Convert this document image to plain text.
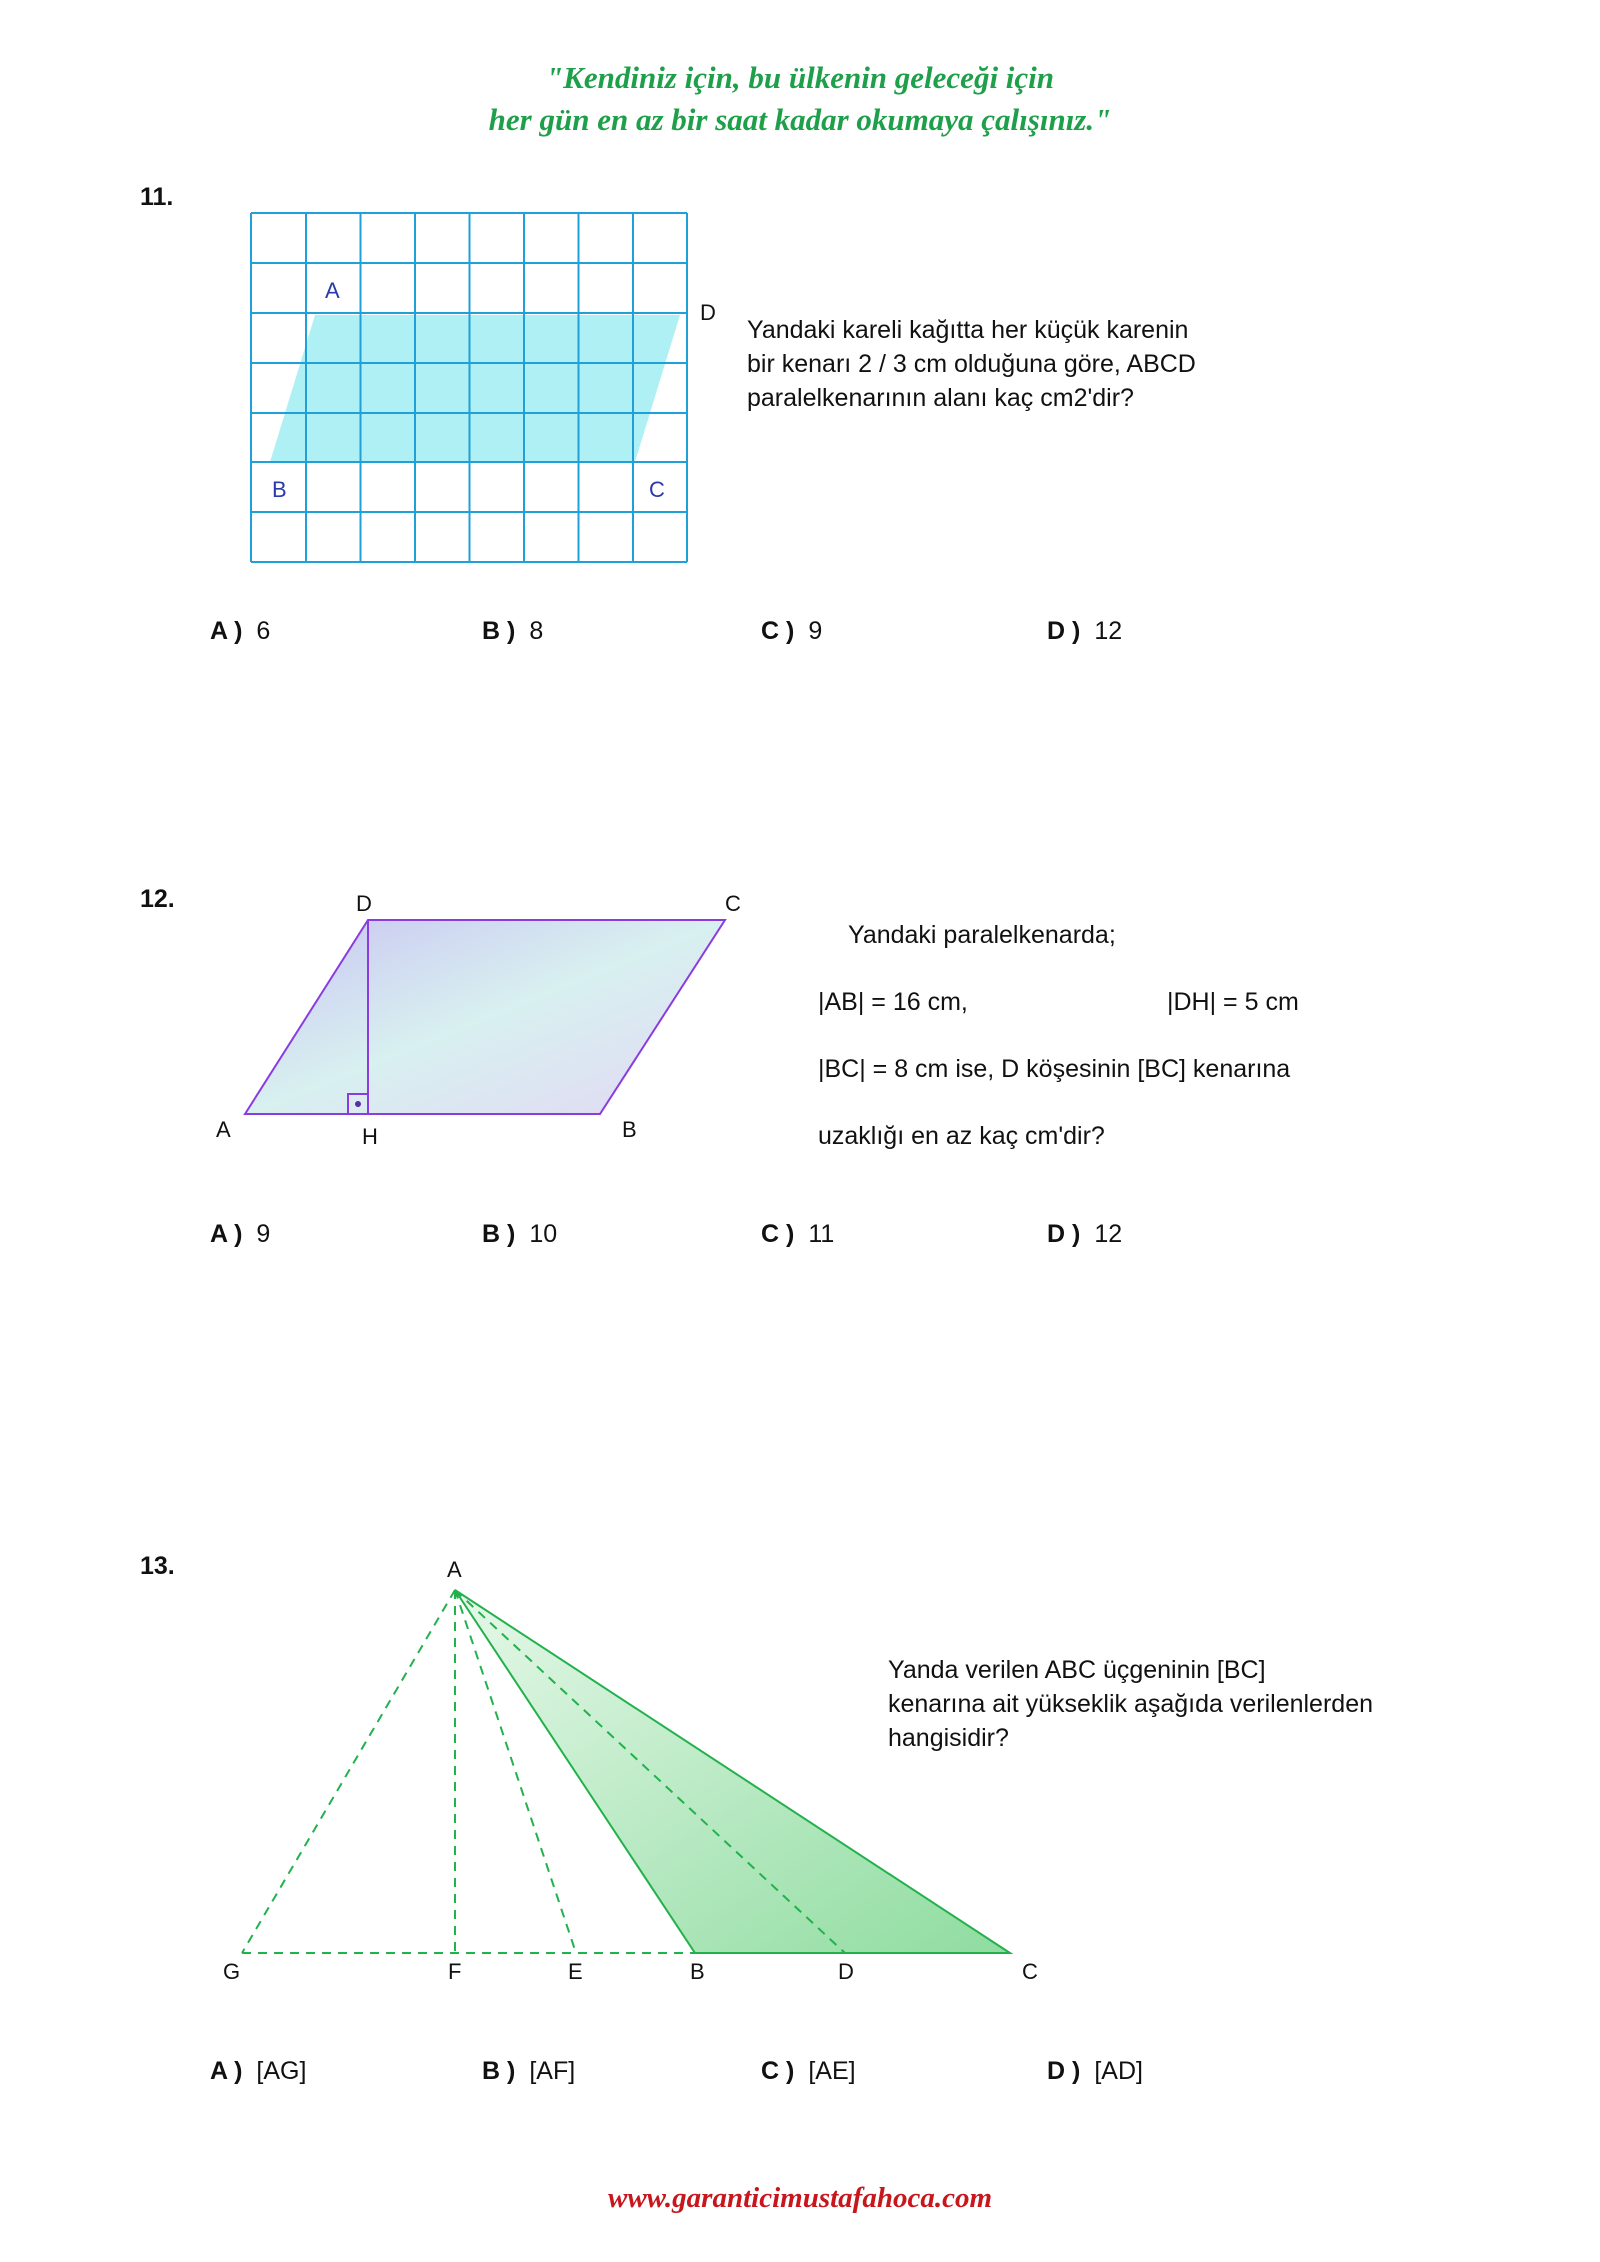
"Kendiniz için, bu ülkenin geleceği için
her gün en az bir saat kadar okumaya çalışınız."
11.
A
B	C
D
Yandaki kareli kağıtta her küçük karenin
bir kenarı 2 / 3 cm olduğuna göre, ABCD
paralelkenarının alanı kaç cm2'dir?
A ) 6	B ) 8	C ) 9	D ) 12
12.	D	C
A	H	B
Yandaki paralelkenarda;
|AB| = 16 cm,	|DH| = 5 cm
|BC| = 8 cm ise, D köşesinin [BC] kenarına
uzaklığı en az kaç cm'dir?
A ) 9	B ) 10	C ) 11	D ) 12
13.	A
G	F	E	B	D	C
Yanda verilen ABC üçgeninin [BC]
kenarına ait yükseklik aşağıda verilenlerden
hangisidir?
A ) [AG]	B ) [AF]	C ) [AE]	D ) [AD]
www.garanticimustafahoca.com
